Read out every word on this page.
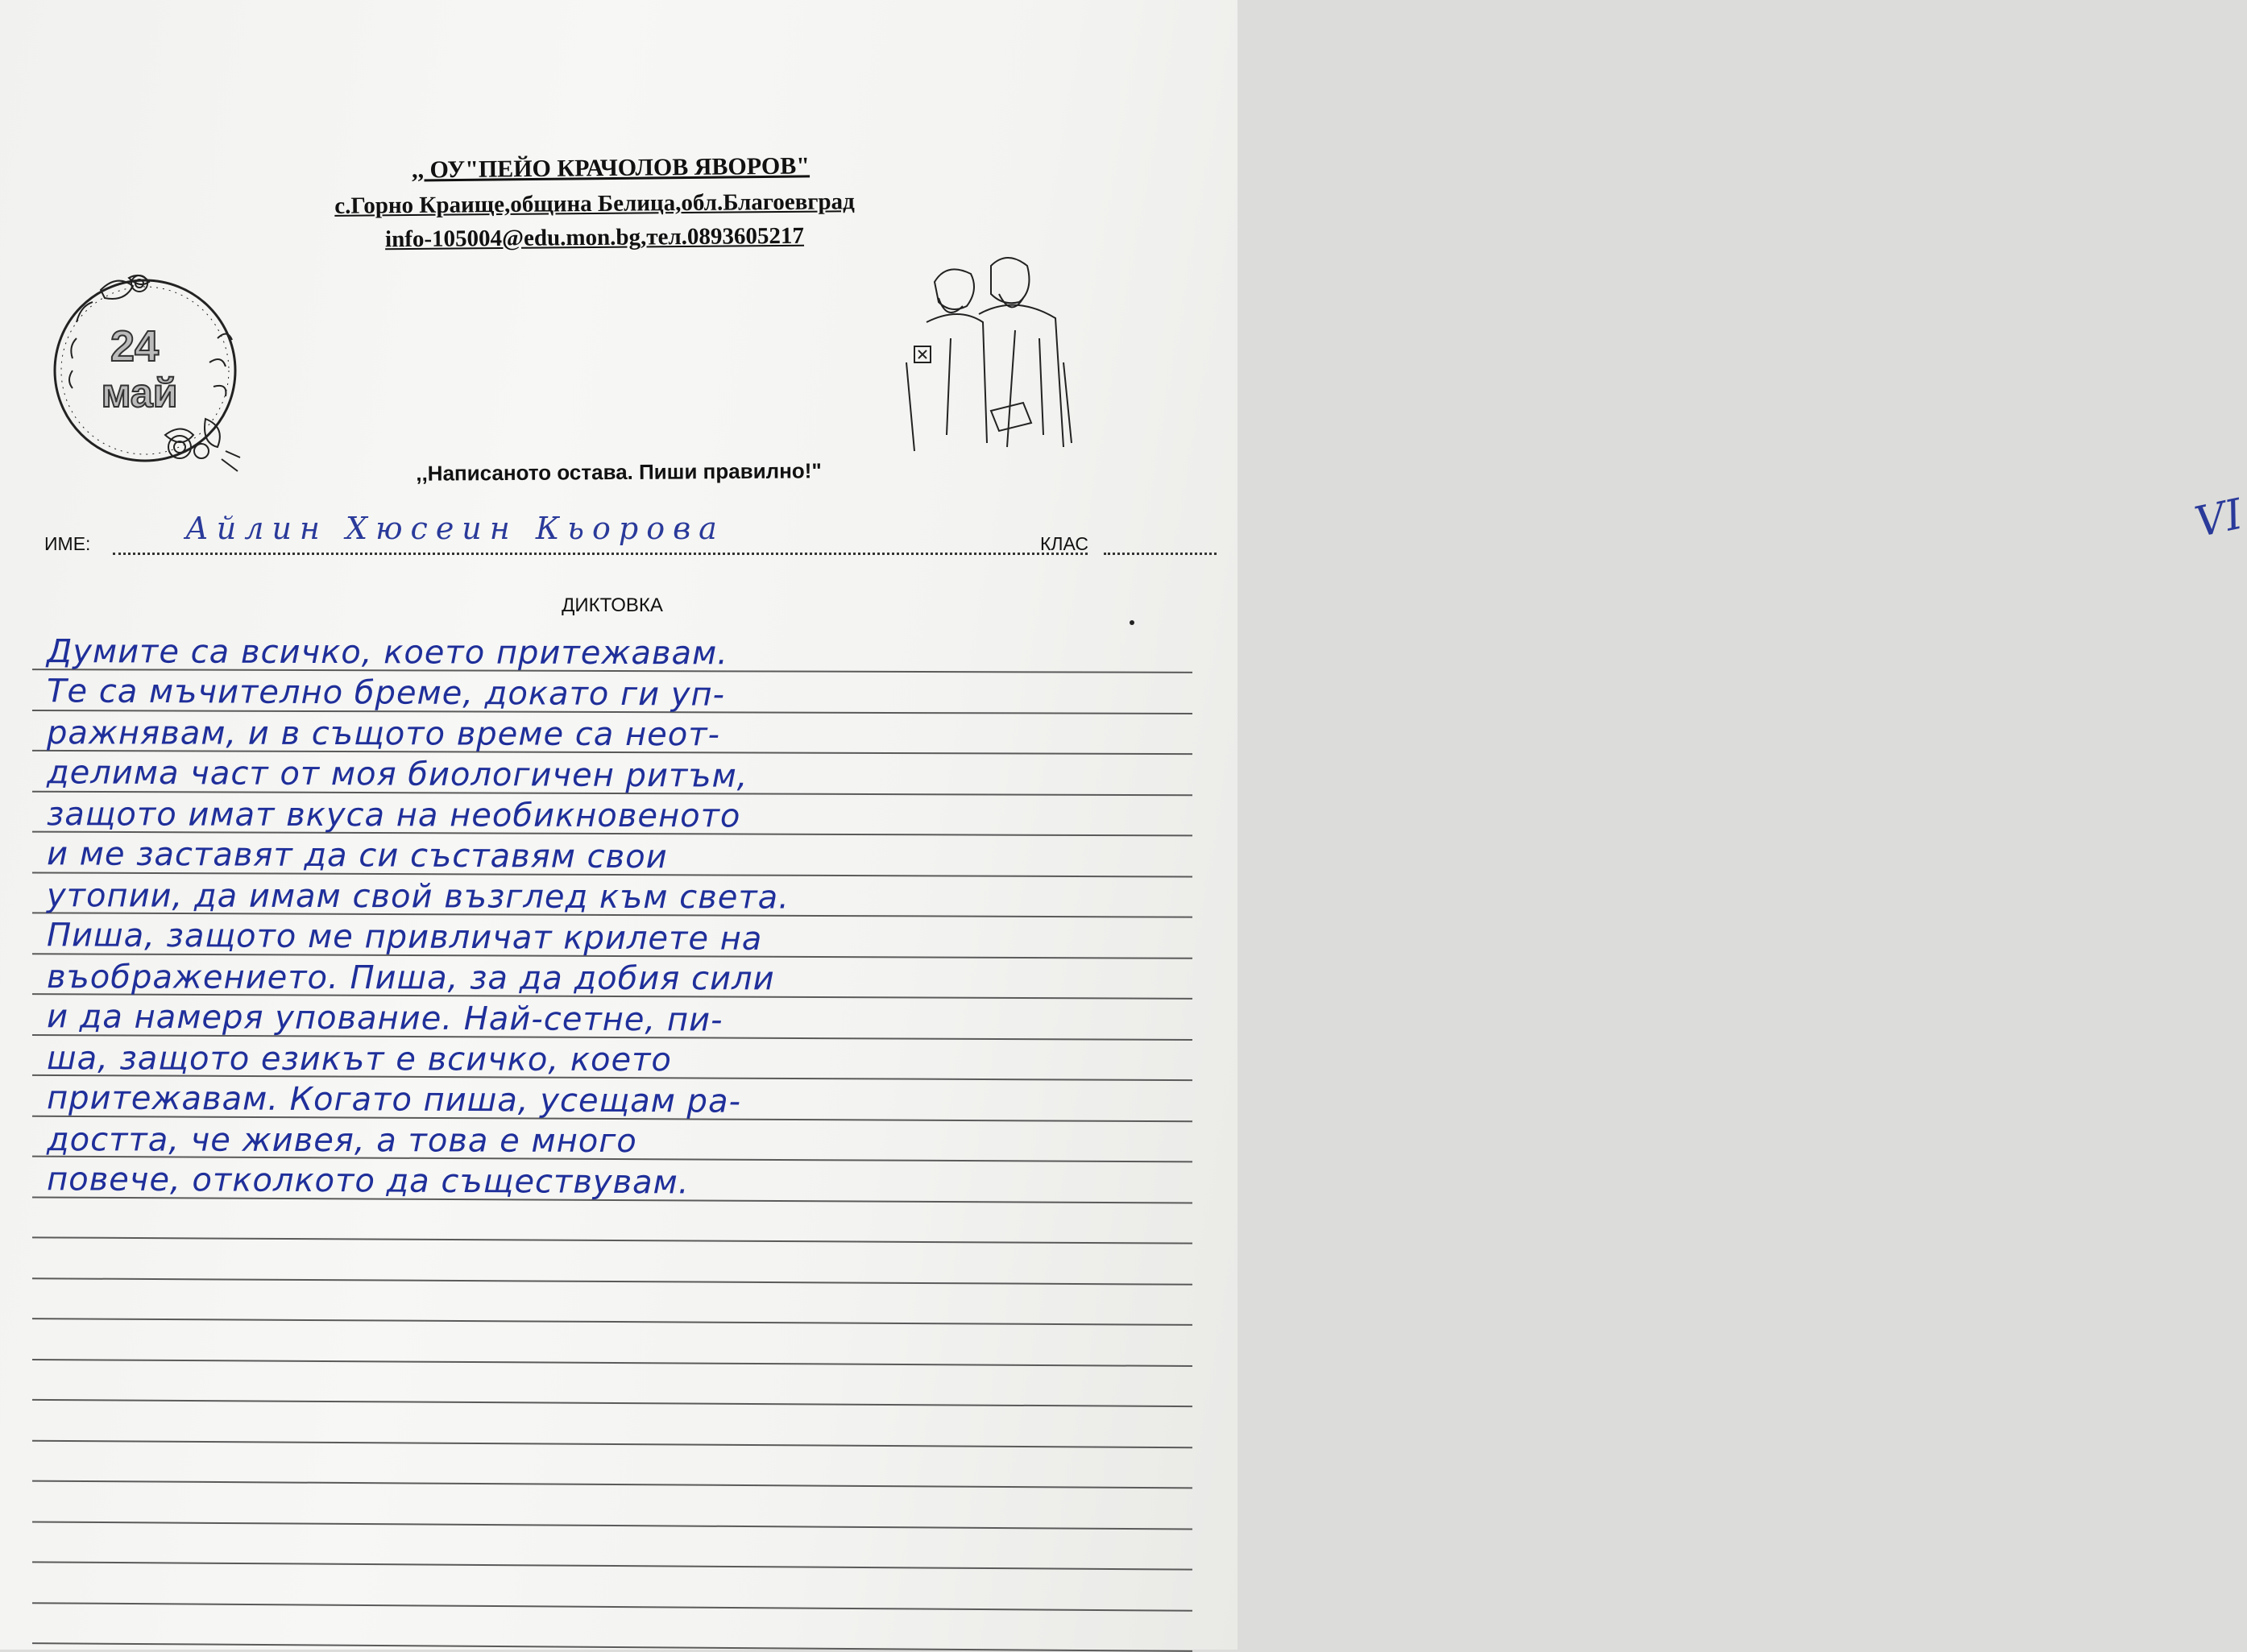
,, ОУ"ПЕЙО КРАЧОЛОВ ЯВОРОВ"
с.Горно Краище,община Белица,обл.Благоевград
info-105004@edu.mon.bg,тел.0893605217
24
май
,,Написаното остава. Пиши правилно!"
ИМЕ:	Айлин Хюсеин Кьорова	КЛАС	VI
ДИКТОВКА
Думите са всичко, което притежавам.
Те са мъчително бреме, докато ги уп-
ражнявам, и в същото време са неот-
делима част от моя биологичен ритъм,
защото имат вкуса на необикновеното
и ме заставят да си съставям свои
утопии, да имам свой възглед към света.
Пиша, защото ме привличат крилете на
въображението. Пиша, за да добия сили
и да намеря упование. Най-сетне, пи-
ша, защото езикът е всичко, което
притежавам. Когато пиша, усещам ра-
достта, че живея, а това е много
повече, отколкото да съществувам.
